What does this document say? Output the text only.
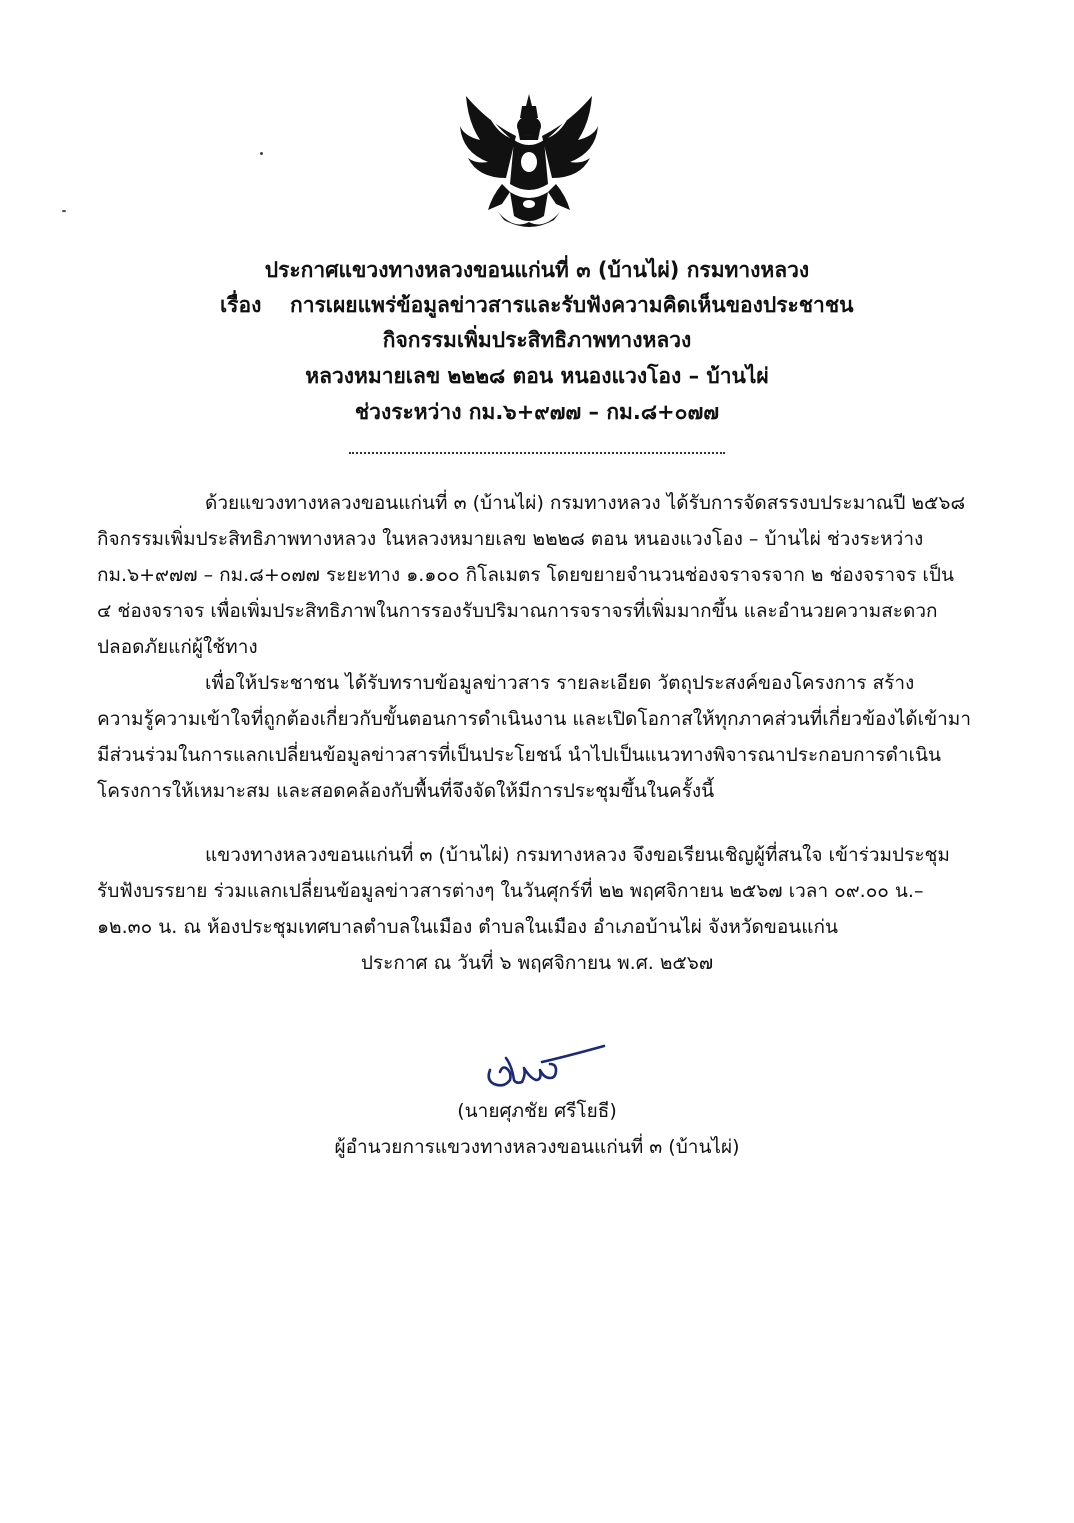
ประกาศแขวงทางหลวงขอนแก่นที่ ๓ (บ้านไผ่) กรมทางหลวง
เรื่อง การเผยแพร่ข้อมูลข่าวสารและรับฟังความคิดเห็นของประชาชน
กิจกรรมเพิ่มประสิทธิภาพทางหลวง
หลวงหมายเลข ๒๒๒๘ ตอน หนองแวงโอง – บ้านไผ่
ช่วงระหว่าง กม.๖+๙๗๗ – กม.๘+๐๗๗
ด้วยแขวงทางหลวงขอนแก่นที่ ๓ (บ้านไผ่) กรมทางหลวง ได้รับการจัดสรรงบประมาณปี ๒๕๖๘
กิจกรรมเพิ่มประสิทธิภาพทางหลวง ในหลวงหมายเลข ๒๒๒๘ ตอน หนองแวงโอง – บ้านไผ่ ช่วงระหว่าง
กม.๖+๙๗๗ – กม.๘+๐๗๗ ระยะทาง ๑.๑๐๐ กิโลเมตร โดยขยายจำนวนช่องจราจรจาก ๒ ช่องจราจร เป็น
๔ ช่องจราจร เพื่อเพิ่มประสิทธิภาพในการรองรับปริมาณการจราจรที่เพิ่มมากขึ้น และอำนวยความสะดวก
ปลอดภัยแก่ผู้ใช้ทาง
เพื่อให้ประชาชน ได้รับทราบข้อมูลข่าวสาร รายละเอียด วัตถุประสงค์ของโครงการ สร้าง
ความรู้ความเข้าใจที่ถูกต้องเกี่ยวกับขั้นตอนการดำเนินงาน และเปิดโอกาสให้ทุกภาคส่วนที่เกี่ยวข้องได้เข้ามา
มีส่วนร่วมในการแลกเปลี่ยนข้อมูลข่าวสารที่เป็นประโยชน์ นำไปเป็นแนวทางพิจารณาประกอบการดำเนิน
โครงการให้เหมาะสม และสอดคล้องกับพื้นที่จึงจัดให้มีการประชุมขึ้นในครั้งนี้
แขวงทางหลวงขอนแก่นที่ ๓ (บ้านไผ่) กรมทางหลวง จึงขอเรียนเชิญผู้ที่สนใจ เข้าร่วมประชุม
รับฟังบรรยาย ร่วมแลกเปลี่ยนข้อมูลข่าวสารต่างๆ ในวันศุกร์ที่ ๒๒ พฤศจิกายน ๒๕๖๗ เวลา ๐๙.๐๐ น.–
๑๒.๓๐ น. ณ ห้องประชุมเทศบาลตำบลในเมือง ตำบลในเมือง อำเภอบ้านไผ่ จังหวัดขอนแก่น
ประกาศ ณ วันที่ ๖ พฤศจิกายน พ.ศ. ๒๕๖๗
(นายศุภชัย ศรีโยธี)
ผู้อำนวยการแขวงทางหลวงขอนแก่นที่ ๓ (บ้านไผ่)
